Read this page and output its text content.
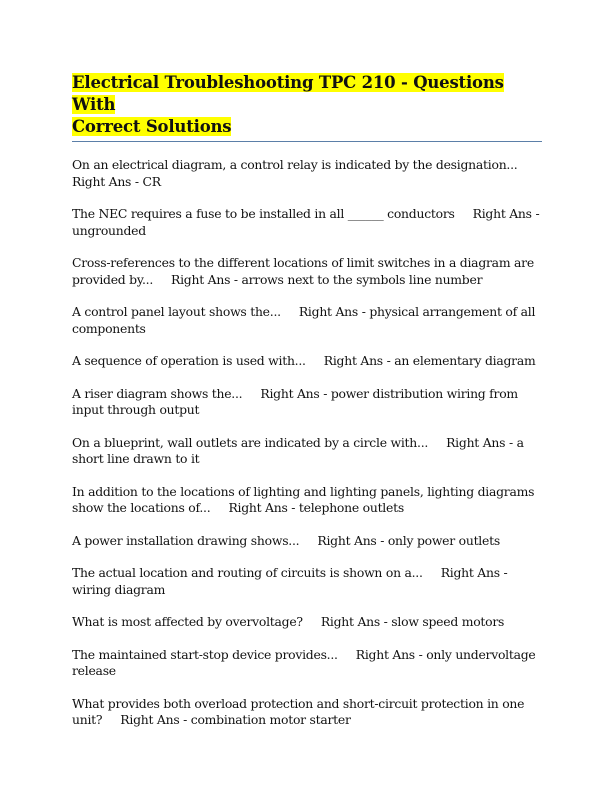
Electrical Troubleshooting TPC 210 - Questions With
Correct Solutions

On an electrical diagram, a control relay is indicated by the designation...
Right Ans - CR

The NEC requires a fuse to be installed in all ______ conductors Right Ans - ungrounded

Cross-references to the different locations of limit switches in a diagram are provided by... Right Ans - arrows next to the symbols line number

A control panel layout shows the... Right Ans - physical arrangement of all components

A sequence of operation is used with... Right Ans - an elementary diagram

A riser diagram shows the... Right Ans - power distribution wiring from input through output

On a blueprint, wall outlets are indicated by a circle with... Right Ans - a short line drawn to it

In addition to the locations of lighting and lighting panels, lighting diagrams show the locations of... Right Ans - telephone outlets

A power installation drawing shows... Right Ans - only power outlets

The actual location and routing of circuits is shown on a... Right Ans - wiring diagram

What is most affected by overvoltage? Right Ans - slow speed motors

The maintained start-stop device provides... Right Ans - only undervoltage release

What provides both overload protection and short-circuit protection in one unit? Right Ans - combination motor starter
